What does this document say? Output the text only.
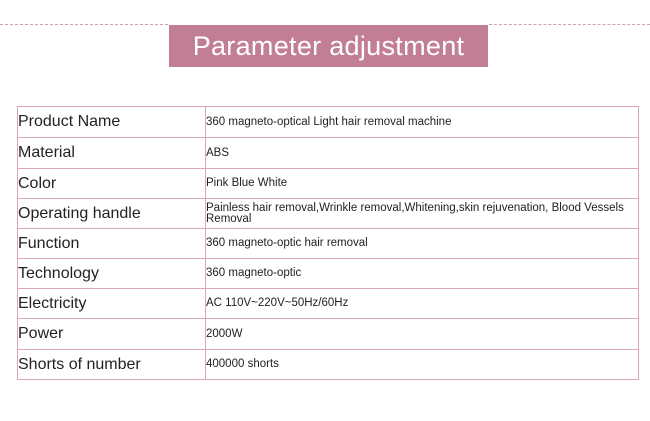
Parameter adjustment
Product Name	360 magneto-optical Light hair removal machine
Material	ABS
Color	Pink Blue White
Operating handle	Painless hair removal,Wrinkle removal,Whitening,skin rejuvenation, Blood Vessels Removal
Function	360 magneto-optic hair removal
Technology	360 magneto-optic
Electricity	AC 110V~220V~50Hz/60Hz
Power	2000W
Shorts of number	400000 shorts
